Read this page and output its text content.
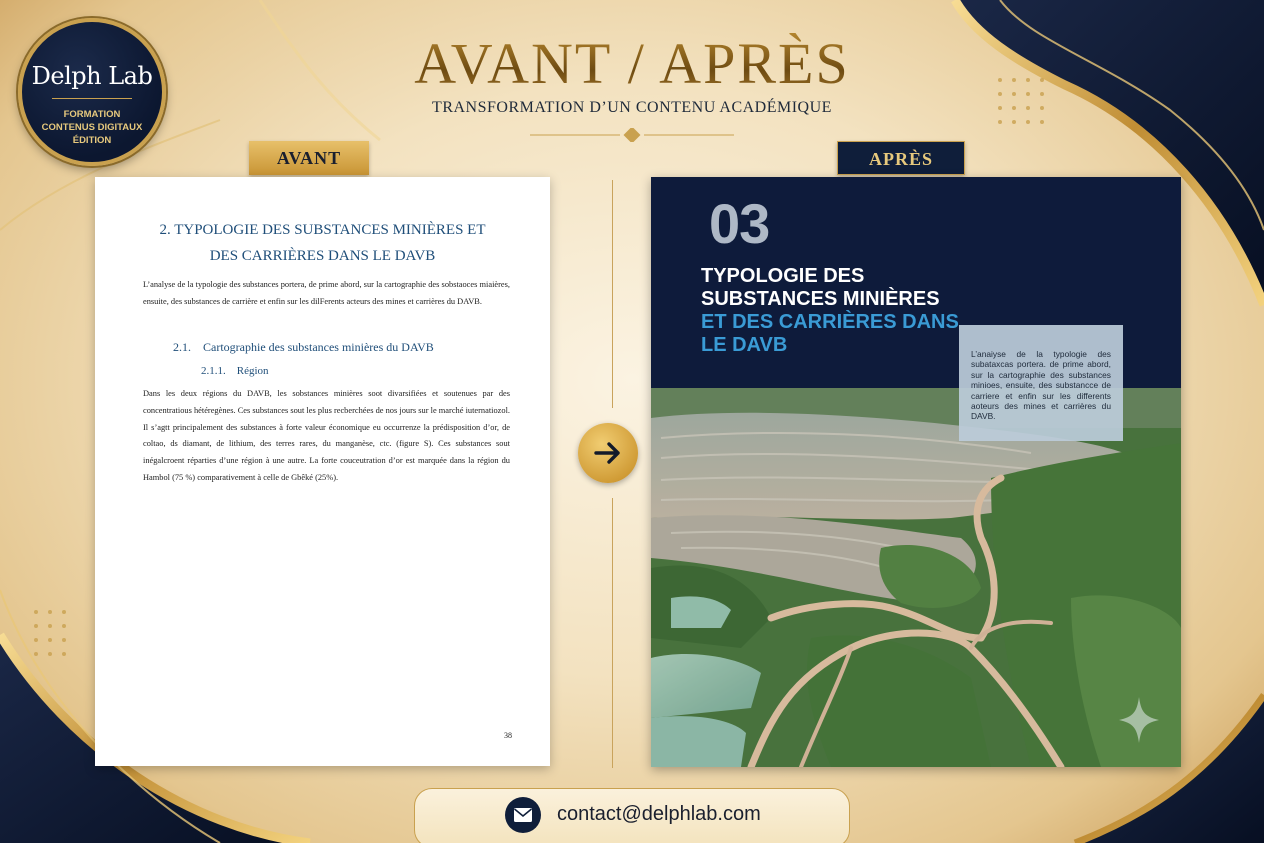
Delph Lab
FORMATION
CONTENUS DIGITAUX
ÉDITION
AVANT / APRÈS
TRANSFORMATION D’UN CONTENU ACADÉMIQUE
AVANT	APRÈS
2. TYPOLOGIE DES SUBSTANCES MINIÈRES ET
DES CARRIÈRES DANS LE DAVB
L’analyse de la typologie des substances portera, de prime abord, sur la cartographie des sobstaoces miaières, ensuite, des substances de carrière et enfin sur les dilFerents acteurs des mines et carrières du DAVB.
2.1.    Cartographie des substances minières du DAVB
2.1.1.    Région
Dans les deux régions du DAVB, les sobstances minières soot divarsifiées et soutenues par des concentratious hétéregènes. Ces substances sout les plus recberchées de nos jours sur le marché iuternatiozol. Il s’agtt principalement des substances à forte valeur économique eu occurrenze la prédisposition d’or, de coltao, ds diamant, de lithium, des terres rares, du manganèse, ctc. (figure S). Ces substances sout inégalcroent réparties d’une région à une autre. La forte couceutration d’or est marquée dans la région du Hambol (75 %) comparativement à celle de Gbêké (25%).
38
03
TYPOLOGIE DES SUBSTANCES MINIÈRES ET DES CARRIÈRES DANS LE DAVB	L’anaiyse de la typologie des subataxcas portera. de prime abord, sur la cartographie des substances minioes, ensuite, des substancce de carriere et enfin sur les differents aoteurs des mines et carrières du DAVB.
contact@delphlab.com
